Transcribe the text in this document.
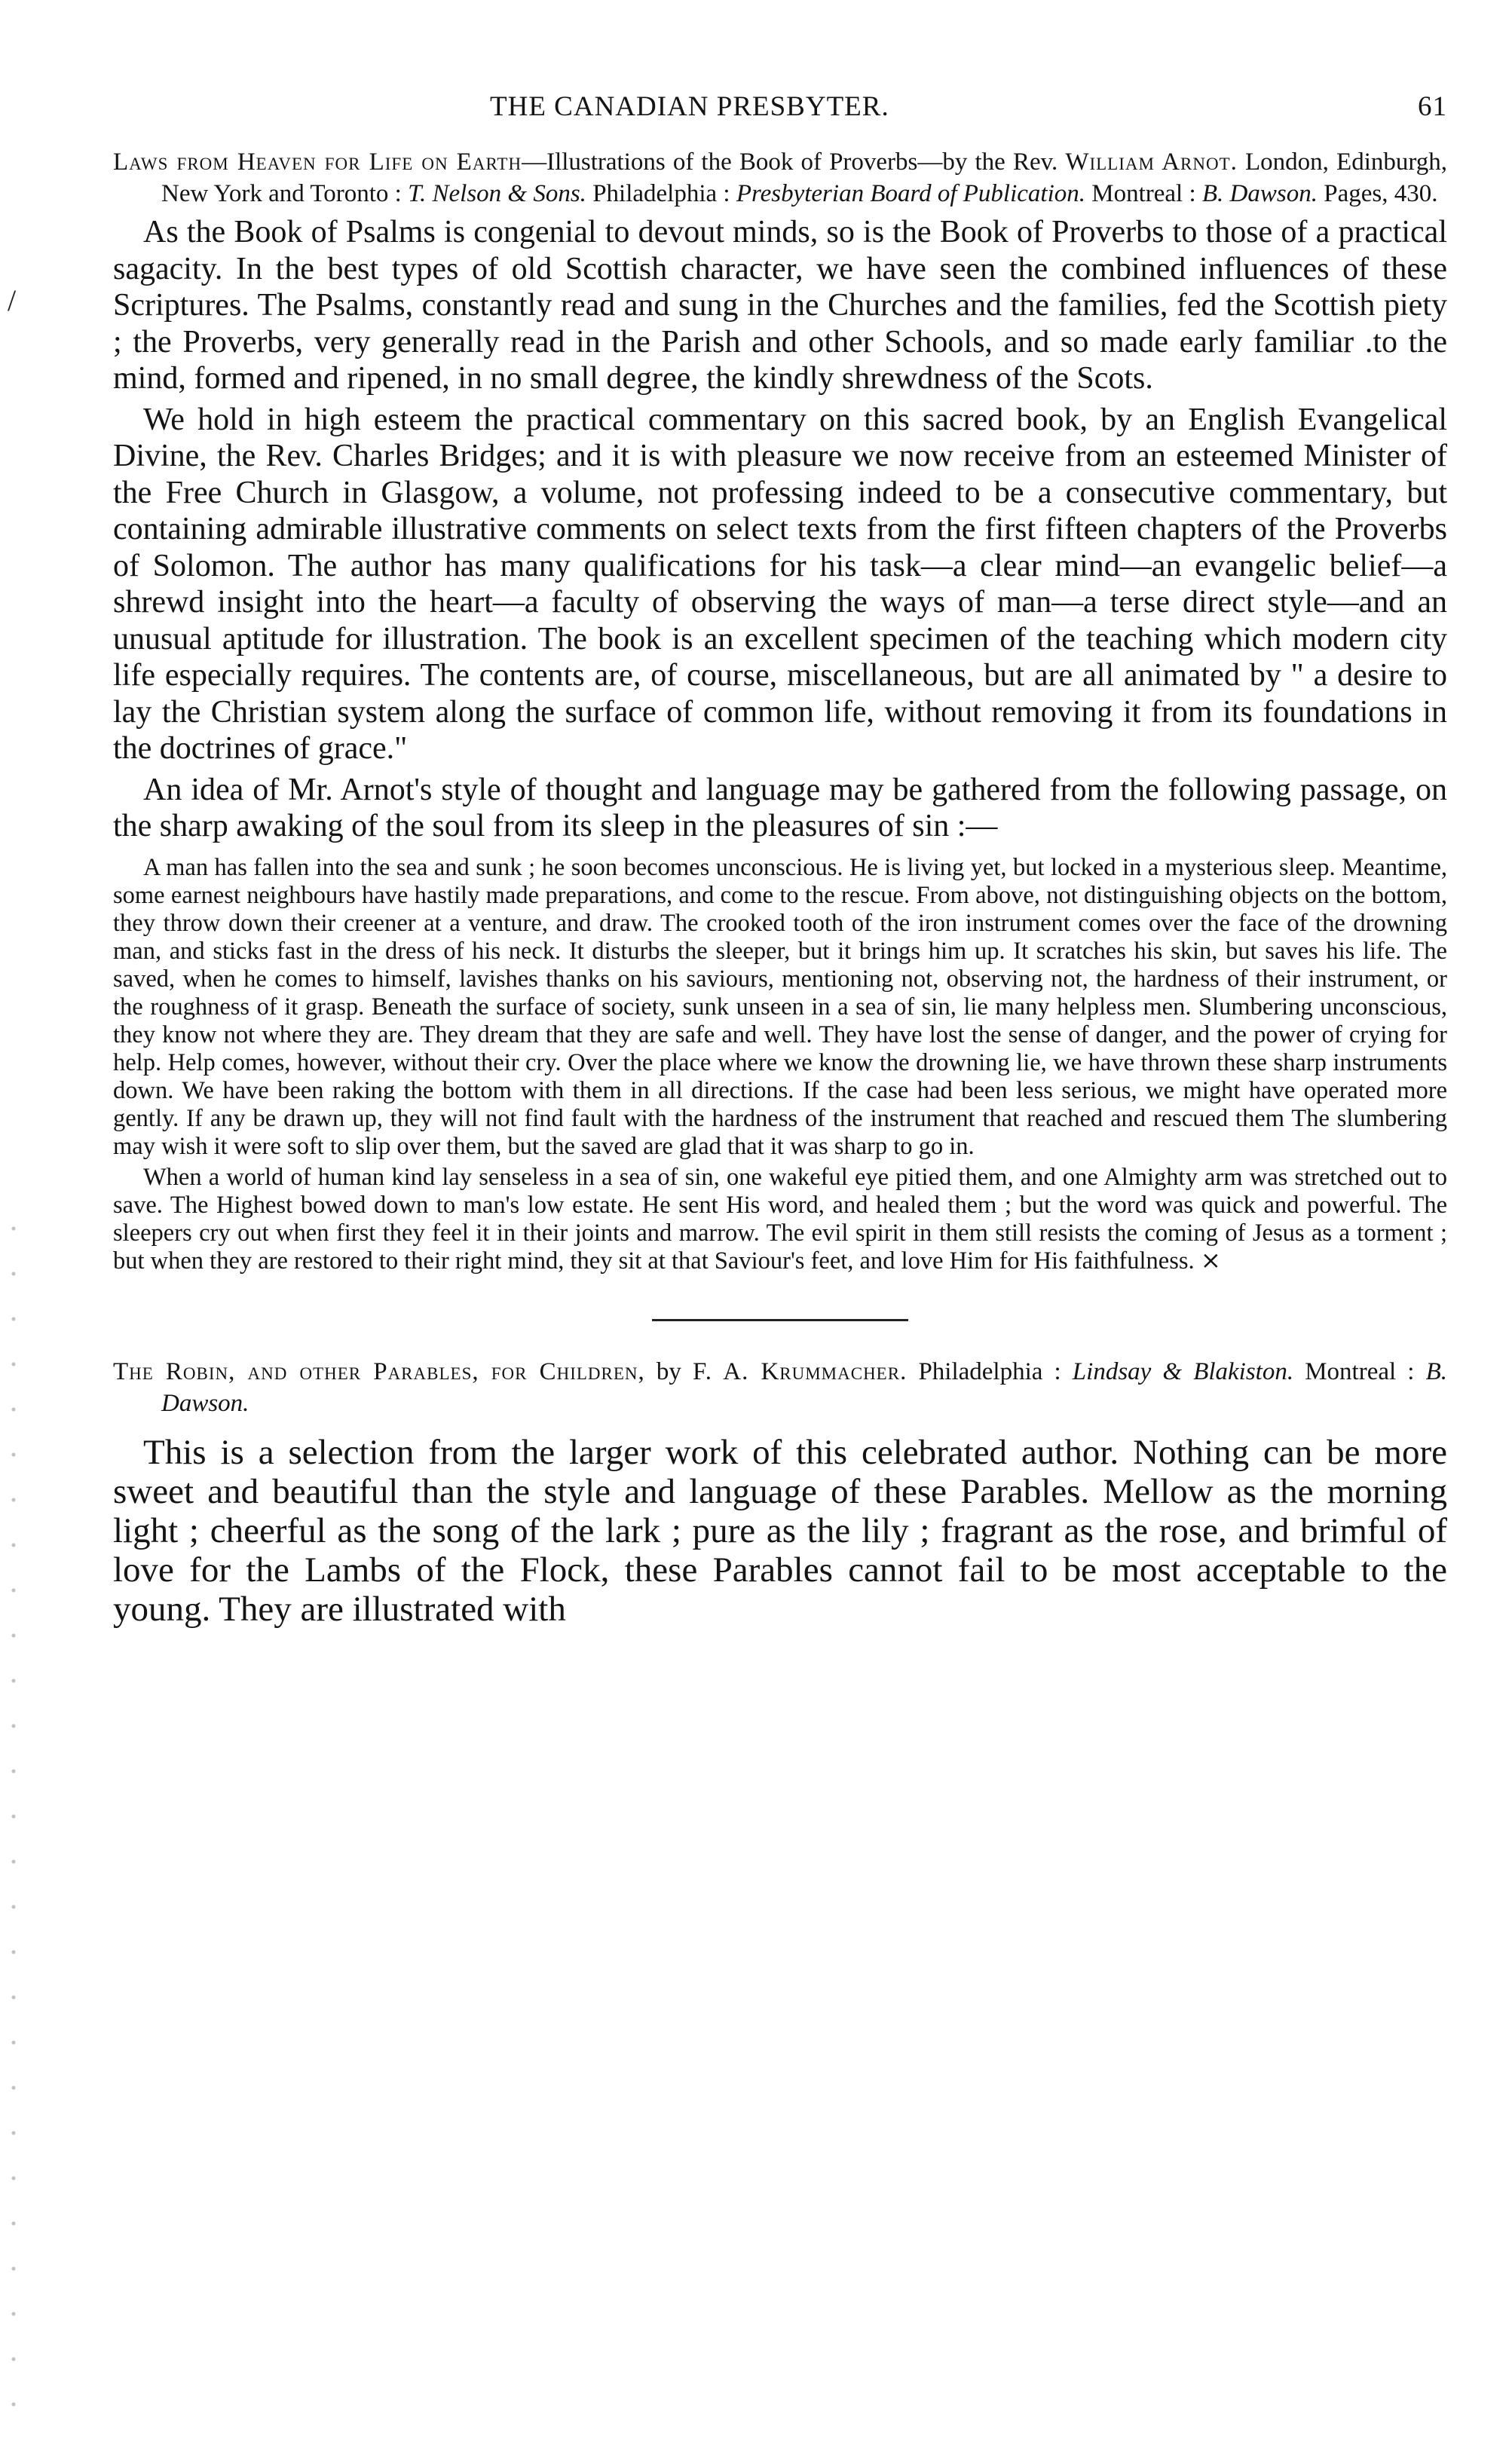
THE CANADIAN PRESBYTER.	61
/
Laws from Heaven for Life on Earth—Illustrations of the Book of Proverbs—by the Rev. William Arnot. London, Edinburgh, New York and Toronto : T. Nelson & Sons. Philadelphia : Presbyterian Board of Publication. Montreal : B. Dawson. Pages, 430.

As the Book of Psalms is congenial to devout minds, so is the Book of Proverbs to those of a practical sagacity. In the best types of old Scottish character, we have seen the combined influences of these Scriptures. The Psalms, constantly read and sung in the Churches and the families, fed the Scottish piety ; the Proverbs, very generally read in the Parish and other Schools, and so made early familiar .to the mind, formed and ripened, in no small degree, the kindly shrewdness of the Scots.

We hold in high esteem the practical commentary on this sacred book, by an English Evangelical Divine, the Rev. Charles Bridges; and it is with pleasure we now receive from an esteemed Minister of the Free Church in Glasgow, a volume, not professing indeed to be a consecutive commentary, but containing admirable illustrative comments on select texts from the first fifteen chapters of the Proverbs of Solomon. The author has many qualifications for his task—a clear mind—an evangelic belief—a shrewd insight into the heart—a faculty of observing the ways of man—a terse direct style—and an unusual aptitude for illustration. The book is an excellent specimen of the teaching which modern city life especially requires. The contents are, of course, miscellaneous, but are all animated by " a desire to lay the Christian system along the surface of common life, without removing it from its foundations in the doctrines of grace."

An idea of Mr. Arnot's style of thought and language may be gathered from the following passage, on the sharp awaking of the soul from its sleep in the pleasures of sin :—

A man has fallen into the sea and sunk ; he soon becomes unconscious. He is living yet, but locked in a mysterious sleep. Meantime, some earnest neighbours have hastily made preparations, and come to the rescue. From above, not distinguishing objects on the bottom, they throw down their creener at a venture, and draw. The crooked tooth of the iron instrument comes over the face of the drowning man, and sticks fast in the dress of his neck. It disturbs the sleeper, but it brings him up. It scratches his skin, but saves his life. The saved, when he comes to himself, lavishes thanks on his saviours, mentioning not, observing not, the hardness of their instrument, or the roughness of it grasp. Beneath the surface of society, sunk unseen in a sea of sin, lie many helpless men. Slumbering unconscious, they know not where they are. They dream that they are safe and well. They have lost the sense of danger, and the power of crying for help. Help comes, however, without their cry. Over the place where we know the drowning lie, we have thrown these sharp instruments down. We have been raking the bottom with them in all directions. If the case had been less serious, we might have operated more gently. If any be drawn up, they will not find fault with the hardness of the instrument that reached and rescued them The slumbering may wish it were soft to slip over them, but the saved are glad that it was sharp to go in.

When a world of human kind lay senseless in a sea of sin, one wakeful eye pitied them, and one Almighty arm was stretched out to save. The Highest bowed down to man's low estate. He sent His word, and healed them ; but the word was quick and powerful. The sleepers cry out when first they feel it in their joints and marrow. The evil spirit in them still resists the coming of Jesus as a torment ; but when they are restored to their right mind, they sit at that Saviour's feet, and love Him for His faithfulness. ⨯

The Robin, and other Parables, for Children, by F. A. Krummacher. Philadelphia : Lindsay & Blakiston. Montreal : B. Dawson.

This is a selection from the larger work of this celebrated author. Nothing can be more sweet and beautiful than the style and language of these Parables. Mellow as the morning light ; cheerful as the song of the lark ; pure as the lily ; fragrant as the rose, and brimful of love for the Lambs of the Flock, these Parables cannot fail to be most acceptable to the young. They are illustrated with
